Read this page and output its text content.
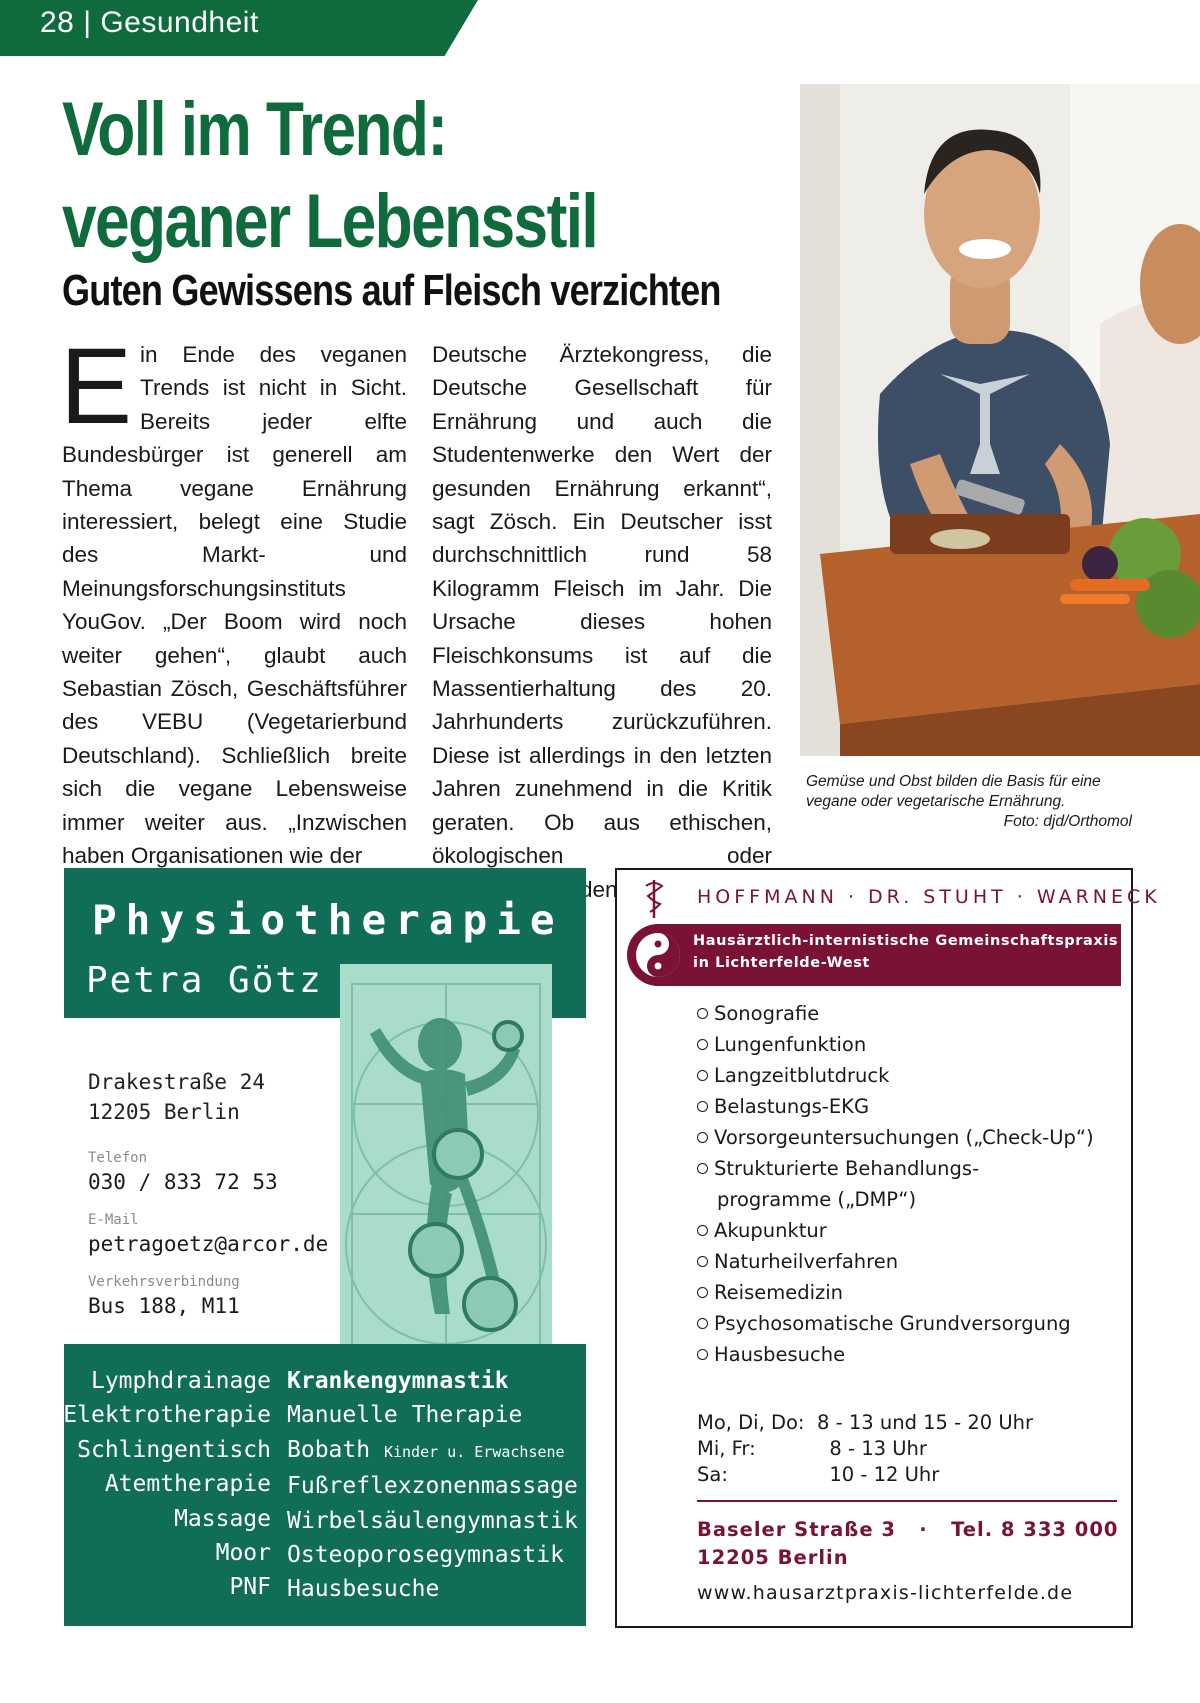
28 | Gesundheit
Voll im Trend:
veganer Lebensstil
Guten Gewissens auf Fleisch verzichten
Ein Ende des veganen Trends ist nicht in Sicht. Bereits jeder elfte Bundesbürger ist generell am Thema vegane Ernährung interessiert, belegt eine Studie des Markt- und Meinungsforschungsinstituts YouGov. „Der Boom wird noch weiter gehen“, glaubt auch Sebastian Zösch, Geschäftsführer des VEBU (Vegetarierbund Deutschland). Schließlich breite sich die vegane Lebensweise immer weiter aus. „Inzwischen haben Organisationen wie der
Deutsche Ärztekongress, die Deutsche Gesellschaft für Ernährung und auch die Studentenwerke den Wert der gesunden Ernährung erkannt“, sagt Zösch. Ein Deutscher isst durchschnittlich rund 58 Kilogramm Fleisch im Jahr. Die Ursache dieses hohen Fleischkonsums ist auf die Massentierhaltung des 20. Jahrhunderts zurückzuführen. Diese ist allerdings in den letzten Jahren zunehmend in die Kritik geraten. Ob aus ethischen, ökologischen oder
Gemüse und Obst bilden die Basis für eine vegane oder vegetarische Ernährung.
Foto: djd/Orthomol
Physiotherapie
Petra Götz
Drakestraße 24
12205 Berlin
Telefon
030 / 833 72 53
E-Mail
petragoetz@arcor.de
Verkehrsverbindung
Bus 188, M11
Lymphdrainage
Elektrotherapie
Schlingentisch
Atemtherapie
Massage
Moor
PNF
Krankengymnastik
Manuelle Therapie
Bobath Kinder u. Erwachsene
Fußreflexzonenmassage
Wirbelsäulengymnastik
Osteoporosegymnastik
Hausbesuche
HOFFMANN · DR. STUHT · WARNECK
Hausärztlich-internistische Gemeinschaftspraxis
in Lichterfelde-West
Sonografie
Lungenfunktion
Langzeitblutdruck
Belastungs-EKG
Vorsorgeuntersuchungen („Check-Up“)
Strukturierte Behandlungs-
programme („DMP“)
Akupunktur
Naturheilverfahren
Reisemedizin
Psychosomatische Grundversorgung
Hausbesuche
Mo, Di, Do: 8 - 13 und 15 - 20 Uhr
Mi, Fr:	8 - 13 Uhr
Sa:	10 - 12 Uhr
Baseler Straße 3 · Tel. 8 333 000
12205 Berlin
www.hausarztpraxis-lichterfelde.de
